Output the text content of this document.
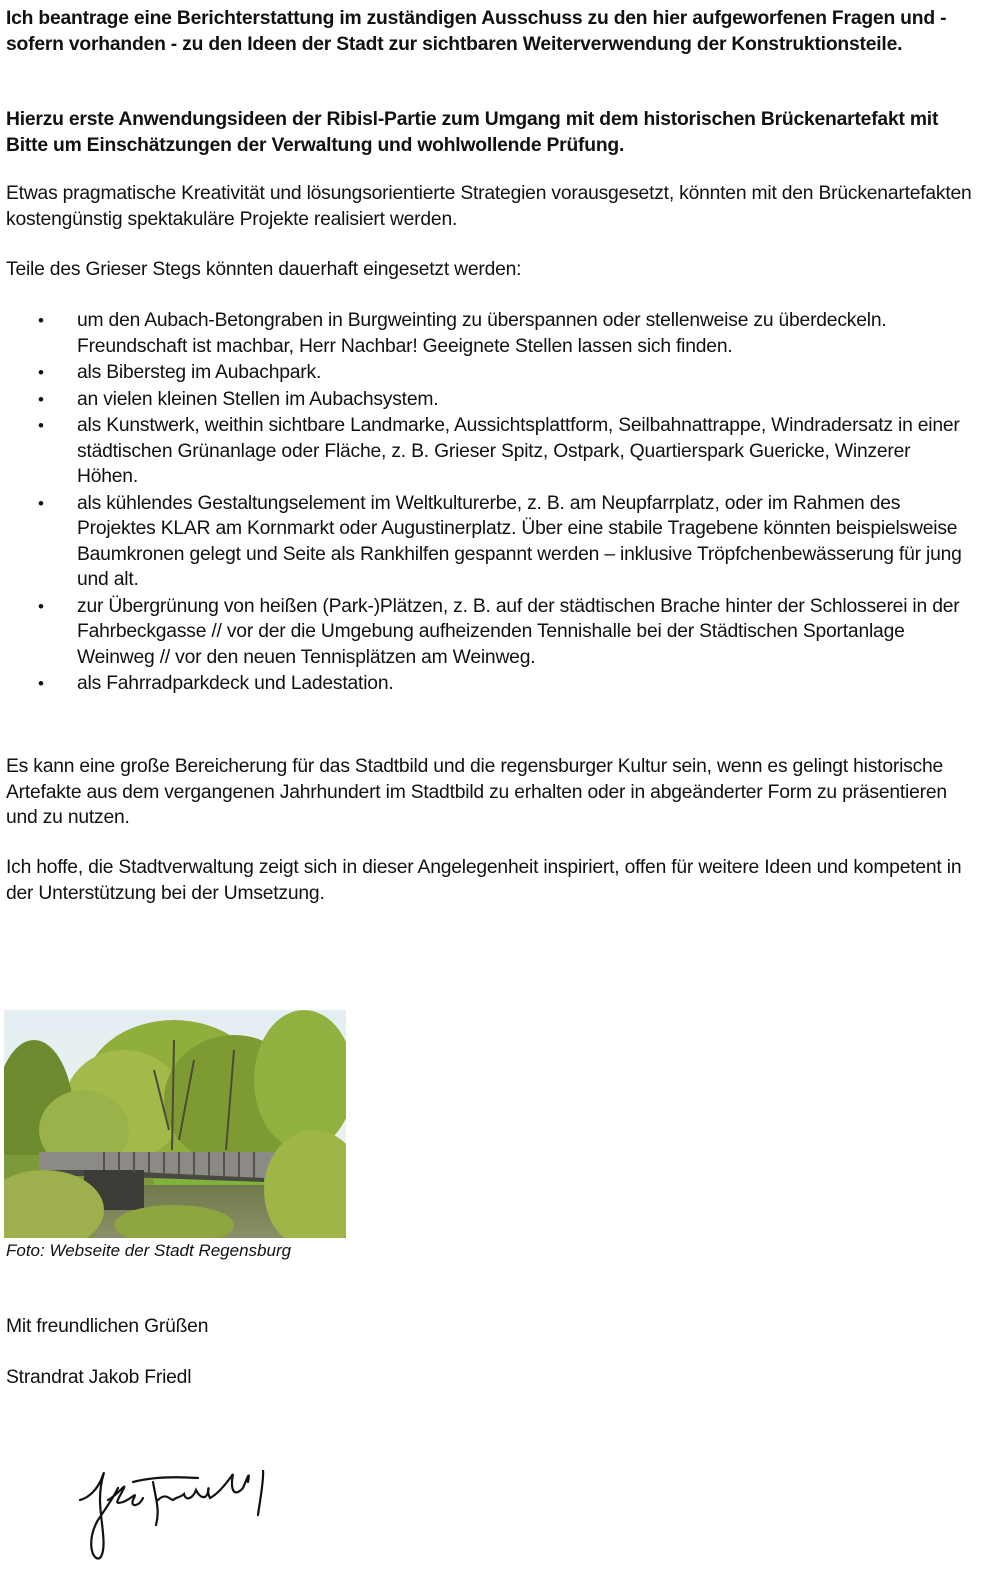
Ich beantrage eine Berichterstattung im zuständigen Ausschuss zu den hier aufgeworfenen Fragen und - sofern vorhanden - zu den Ideen der Stadt zur sichtbaren Weiterverwendung der Konstruktionsteile.

Hierzu erste Anwendungsideen der Ribisl-Partie zum Umgang mit dem historischen Brückenartefakt mit Bitte um Einschätzungen der Verwaltung und wohlwollende Prüfung.

Etwas pragmatische Kreativität und lösungsorientierte Strategien vorausgesetzt, könnten mit den Brückenartefakten kostengünstig spektakuläre Projekte realisiert werden.

Teile des Grieser Stegs könnten dauerhaft eingesetzt werden:

• um den Aubach-Betongraben in Burgweinting zu überspannen oder stellenweise zu überdeckeln. Freundschaft ist machbar, Herr Nachbar! Geeignete Stellen lassen sich finden.
• als Bibersteg im Aubachpark.
• an vielen kleinen Stellen im Aubachsystem.
• als Kunstwerk, weithin sichtbare Landmarke, Aussichtsplattform, Seilbahnattrappe, Windradersatz in einer städtischen Grünanlage oder Fläche, z. B. Grieser Spitz, Ostpark, Quartierspark Guericke, Winzerer Höhen.
• als kühlendes Gestaltungselement im Weltkulturerbe, z. B. am Neupfarrplatz, oder im Rahmen des Projektes KLAR am Kornmarkt oder Augustinerplatz. Über eine stabile Tragebene könnten beispielsweise Baumkronen gelegt und Seite als Rankhilfen gespannt werden – inklusive Tröpfchenbewässerung für jung und alt.
• zur Übergrünung von heißen (Park-)Plätzen, z. B. auf der städtischen Brache hinter der Schlosserei in der Fahrbeckgasse // vor der die Umgebung aufheizenden Tennishalle bei der Städtischen Sportanlage Weinweg // vor den neuen Tennisplätzen am Weinweg.
• als Fahrradparkdeck und Ladestation.

Es kann eine große Bereicherung für das Stadtbild und die regensburger Kultur sein, wenn es gelingt historische Artefakte aus dem vergangenen Jahrhundert im Stadtbild zu erhalten oder in abgeänderter Form zu präsentieren und zu nutzen.

Ich hoffe, die Stadtverwaltung zeigt sich in dieser Angelegenheit inspiriert, offen für weitere Ideen und kompetent in der Unterstützung bei der Umsetzung.

Foto: Webseite der Stadt Regensburg

Mit freundlichen Grüßen

Strandrat Jakob Friedl
